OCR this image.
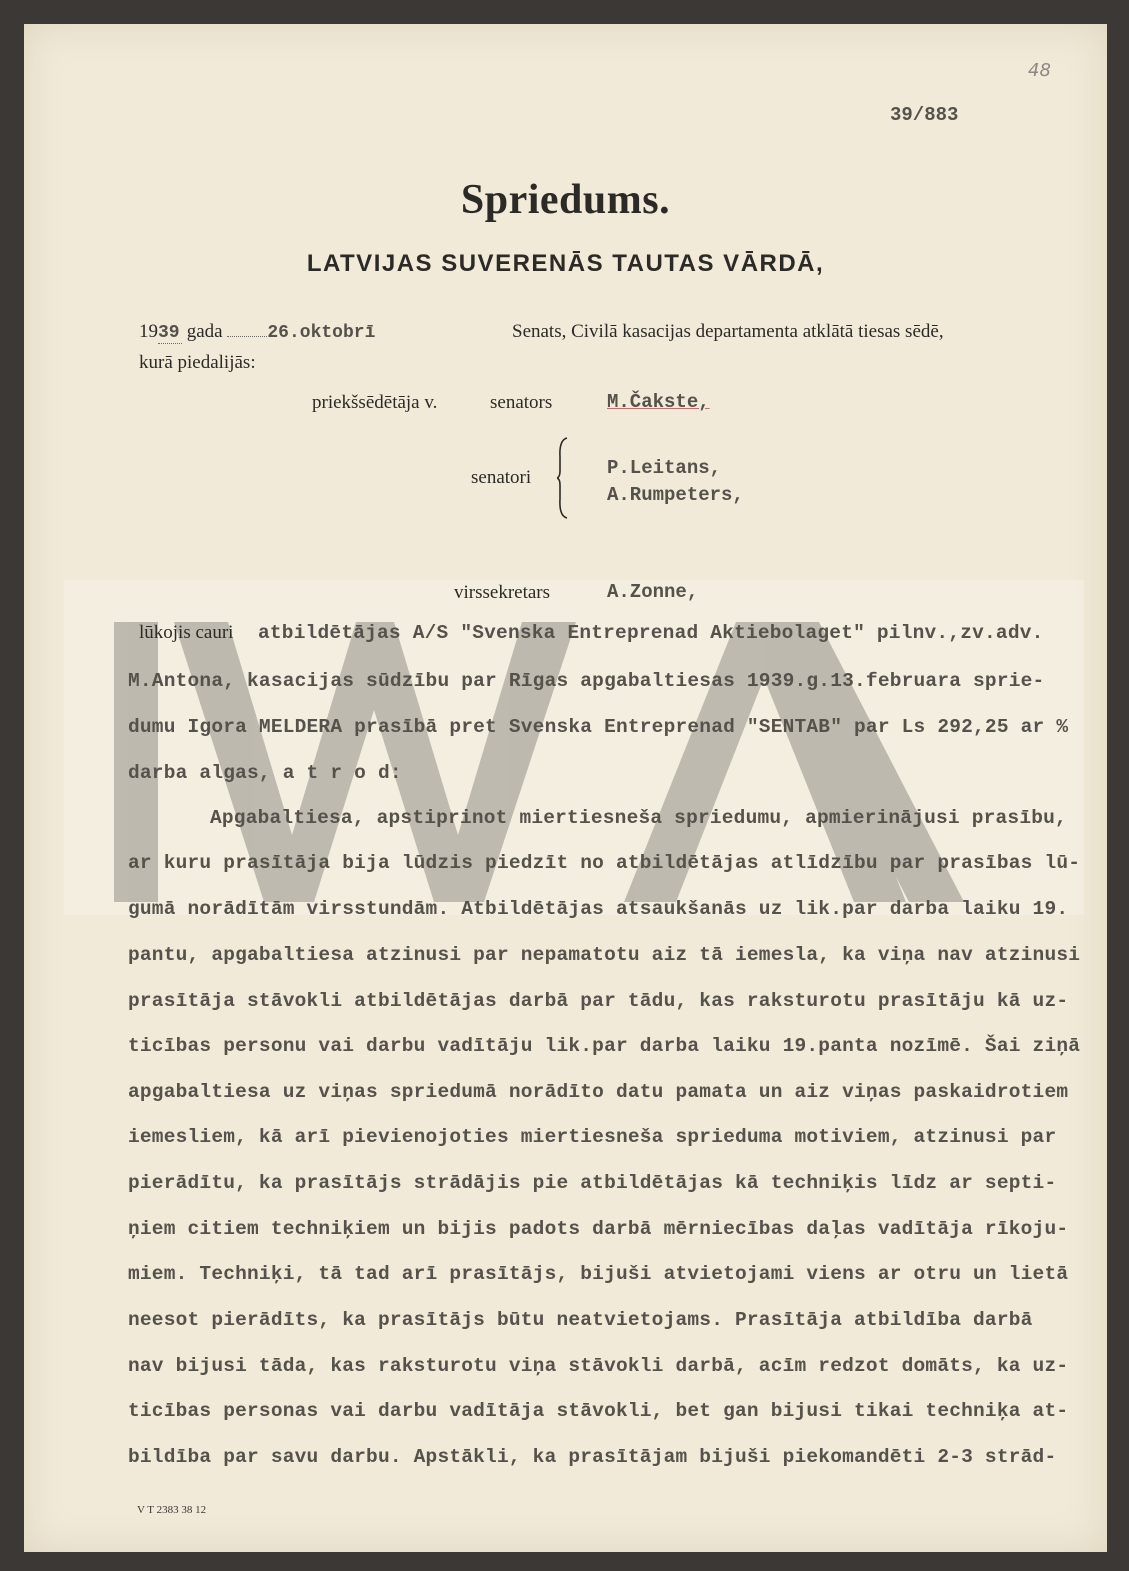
48
39/883
Spriedums.
LATVIJAS SUVERENĀS TAUTAS VĀRDĀ,
1939 gada 26.oktobrī	Senats, Civilā kasacijas departamenta atklātā tiesas sēdē,
kurā piedalijās:
priekšsēdētāja v.	senators	M.Čakste,
senatori	P.Leitans,
A.Rumpeters,
virssekretars	A.Zonne,
lūkojis cauri atbildētājas A/S "Svenska Entreprenad Aktiebolaget" pilnv.,zv.adv.
M.Antona, kasacijas sūdzību par Rīgas apgabaltiesas 1939.g.13.februara sprie-
dumu Igora MELDERA prasībā pret Svenska Entreprenad "SENTAB" par Ls 292,25 ar %
darba algas, a t r o d:
Apgabaltiesa, apstiprinot miertiesneša spriedumu, apmierinājusi prasību,
ar kuru prasītāja bija lūdzis piedzīt no atbildētājas atlīdzību par prasības lū-
gumā norādītām virsstundām. Atbildētājas atsaukšanās uz lik.par darba laiku 19.
pantu, apgabaltiesa atzinusi par nepamatotu aiz tā iemesla, ka viņa nav atzinusi
prasītāja stāvokli atbildētājas darbā par tādu, kas raksturotu prasītāju kā uz-
ticības personu vai darbu vadītāju lik.par darba laiku 19.panta nozīmē. Šai ziņā
apgabaltiesa uz viņas spriedumā norādīto datu pamata un aiz viņas paskaidrotiem
iemesliem, kā arī pievienojoties miertiesneša sprieduma motiviem, atzinusi par
pierādītu, ka prasītājs strādājis pie atbildētājas kā techniķis līdz ar septi-
ņiem citiem techniķiem un bijis padots darbā mērniecības daļas vadītāja rīkoju-
miem. Techniķi, tā tad arī prasītājs, bijuši atvietojami viens ar otru un lietā
neesot pierādīts, ka prasītājs būtu neatvietojams. Prasītāja atbildība darbā
nav bijusi tāda, kas raksturotu viņa stāvokli darbā, acīm redzot domāts, ka uz-
ticības personas vai darbu vadītāja stāvokli, bet gan bijusi tikai techniķa at-
bildība par savu darbu. Apstākli, ka prasītājam bijuši piekomandēti 2-3 strād-
V T 2383 38 12
